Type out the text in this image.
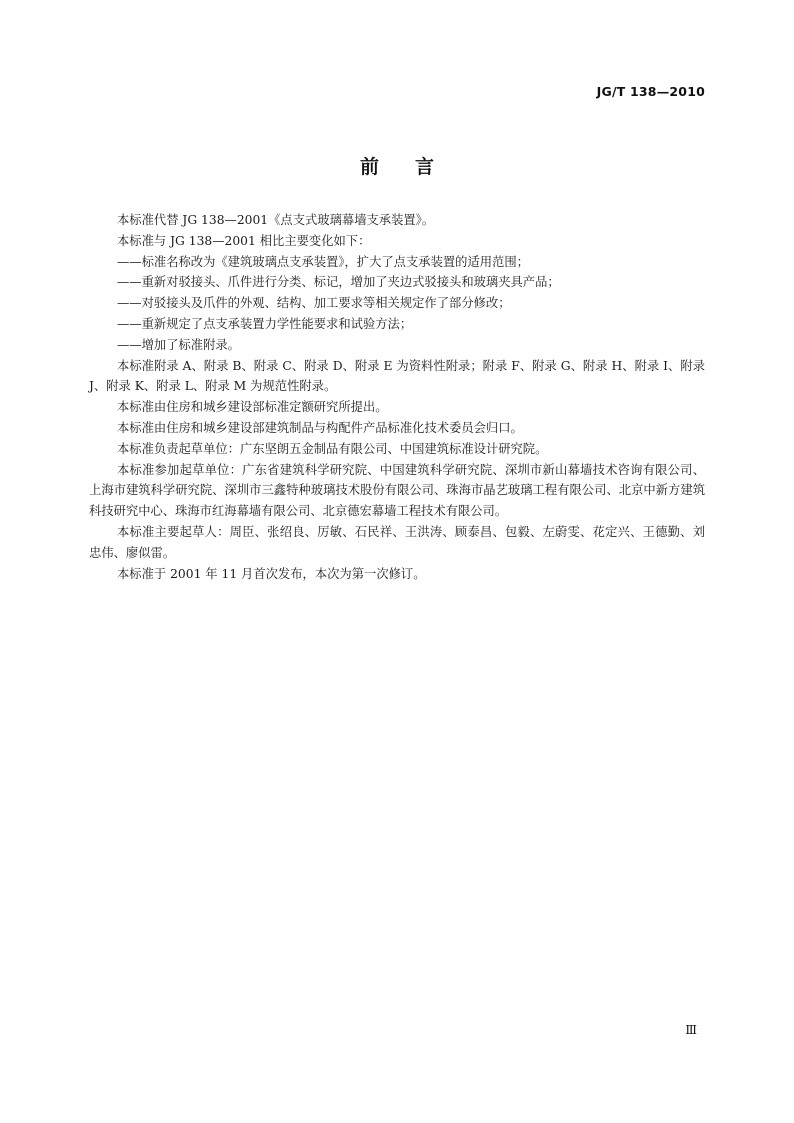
JG/T 138—2010
前言

本标准代替 JG 138—2001《点支式玻璃幕墙支承装置》。

本标准与 JG 138—2001 相比主要变化如下：

——标准名称改为《建筑玻璃点支承装置》，扩大了点支承装置的适用范围；

——重新对驳接头、爪件进行分类、标记，增加了夹边式驳接头和玻璃夹具产品；

——对驳接头及爪件的外观、结构、加工要求等相关规定作了部分修改；

——重新规定了点支承装置力学性能要求和试验方法；

——增加了标准附录。

本标准附录 A、附录 B、附录 C、附录 D、附录 E 为资料性附录；附录 F、附录 G、附录 H、附录 I、附录 J、附录 K、附录 L、附录 M 为规范性附录。

本标准由住房和城乡建设部标准定额研究所提出。

本标准由住房和城乡建设部建筑制品与构配件产品标准化技术委员会归口。

本标准负责起草单位：广东坚朗五金制品有限公司、中国建筑标准设计研究院。

本标准参加起草单位：广东省建筑科学研究院、中国建筑科学研究院、深圳市新山幕墙技术咨询有限公司、上海市建筑科学研究院、深圳市三鑫特种玻璃技术股份有限公司、珠海市晶艺玻璃工程有限公司、北京中新方建筑科技研究中心、珠海市红海幕墙有限公司、北京德宏幕墙工程技术有限公司。

本标准主要起草人：周臣、张绍良、厉敏、石民祥、王洪涛、顾泰昌、包毅、左蔚雯、花定兴、王德勤、刘忠伟、廖似雷。

本标准于 2001 年 11 月首次发布，本次为第一次修订。

Ⅲ
